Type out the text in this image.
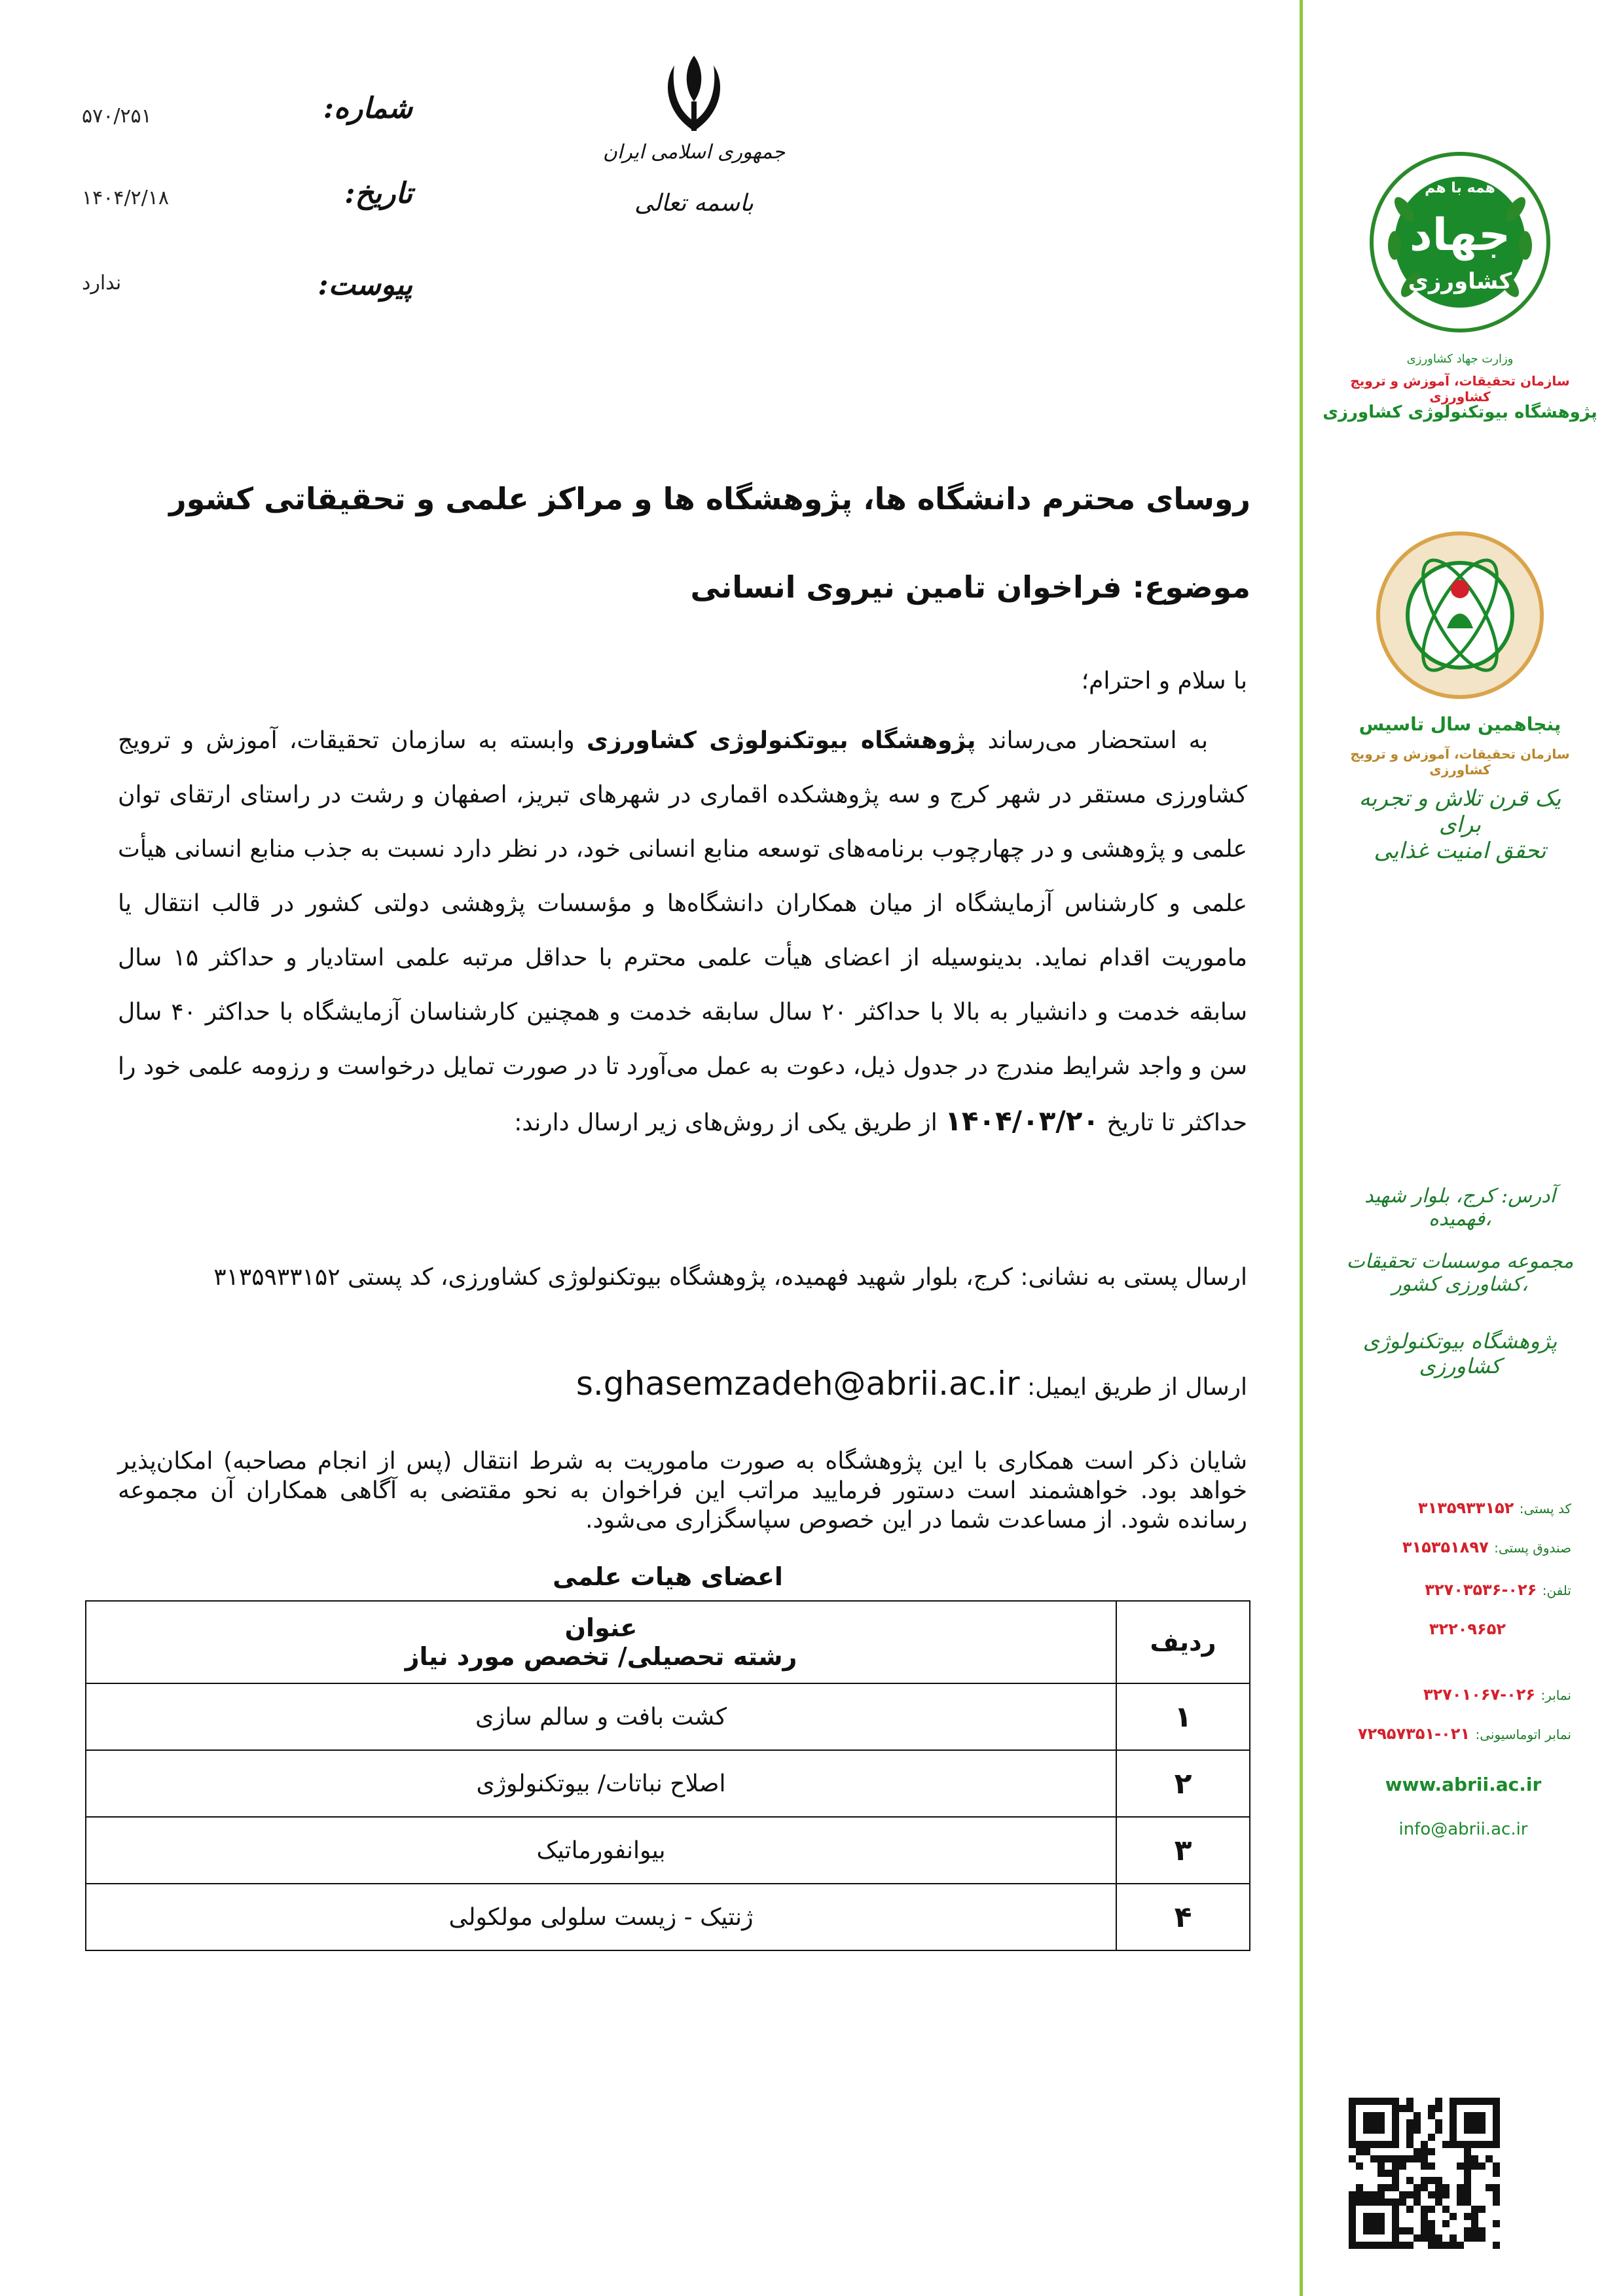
۵۷۰/۲۵۱	شماره:
۱۴۰۴/۲/۱۸	تاریخ:
ندارد	پیوست:
جمهوری اسلامی ایران
باسمه تعالی
همه با هم
جهاد
کشاورزی
وزارت جهاد کشاورزی
سازمان تحقیقات، آموزش و ترویج کشاورزی
پژوهشگاه بیوتکنولوژی کشاورزی
پنجاهمین سال تاسیس
سازمان تحقیقات، آموزش و ترویج کشاورزی
یک قرن تلاش و تجربه برای
تحقق امنیت غذایی
آدرس: کرج، بلوار شهید فهمیده،
مجموعه موسسات تحقیقات کشاورزی کشور،
پژوهشگاه بیوتکنولوژی کشاورزی
کد پستی: ۳۱۳۵۹۳۳۱۵۲
صندوق پستی: ۳۱۵۳۵۱۸۹۷
تلفن: ۰۲۶-۳۲۷۰۳۵۳۶
۳۲۲۰۹۶۵۲
نمابر: ۰۲۶-۳۲۷۰۱۰۶۷
نمابر اتوماسیونی: ۰۲۱-۷۲۹۵۷۳۵۱
www.abrii.ac.ir
info@abrii.ac.ir
روسای محترم دانشگاه ها، پژوهشگاه ها و مراکز علمی و تحقیقاتی کشور
موضوع: فراخوان تامین نیروی انسانی
با سلام و احترام؛
به استحضار می‌رساند پژوهشگاه بیوتکنولوژی کشاورزی وابسته به سازمان تحقیقات، آموزش و ترویج کشاورزی مستقر در شهر کرج و سه پژوهشکده اقماری در شهرهای تبریز، اصفهان و رشت در راستای ارتقای توان علمی و پژوهشی و در چهارچوب برنامه‌های توسعه منابع انسانی خود، در نظر دارد نسبت به جذب منابع انسانی هیأت علمی و کارشناس آزمایشگاه از میان همکاران دانشگاه‌ها و مؤسسات پژوهشی دولتی کشور در قالب انتقال یا ماموریت اقدام نماید. بدینوسیله از اعضای هیأت علمی محترم با حداقل مرتبه علمی استادیار و حداکثر ۱۵ سال سابقه خدمت و دانشیار به بالا با حداکثر ۲۰ سال سابقه خدمت و همچنین کارشناسان آزمایشگاه با حداکثر ۴۰ سال سن و واجد شرایط مندرج در جدول ذیل، دعوت به عمل می‌آورد تا در صورت تمایل درخواست و رزومه علمی خود را حداکثر تا تاریخ ۱۴۰۴/۰۳/۲۰ از طریق یکی از روش‌های زیر ارسال دارند:
ارسال پستی به نشانی: کرج، بلوار شهید فهمیده، پژوهشگاه بیوتکنولوژی کشاورزی، کد پستی ۳۱۳۵۹۳۳۱۵۲
ارسال از طریق ایمیل: s.ghasemzadeh@abrii.ac.ir
شایان ذکر است همکاری با این پژوهشگاه به صورت ماموریت به شرط انتقال (پس از انجام مصاحبه) امکان‌پذیر خواهد بود. خواهشمند است دستور فرمایید مراتب این فراخوان به نحو مقتضی به آگاهی همکاران آن مجموعه رسانده شود. از مساعدت شما در این خصوص سپاسگزاری می‌شود.
اعضای هیات علمی
ردیف	عنوان
رشته تحصیلی/ تخصص مورد نیاز

۱	کشت بافت و سالم سازی
۲	اصلاح نباتات/ بیوتکنولوژی
۳	بیوانفورماتیک
۴	ژنتیک - زیست سلولی مولکولی
